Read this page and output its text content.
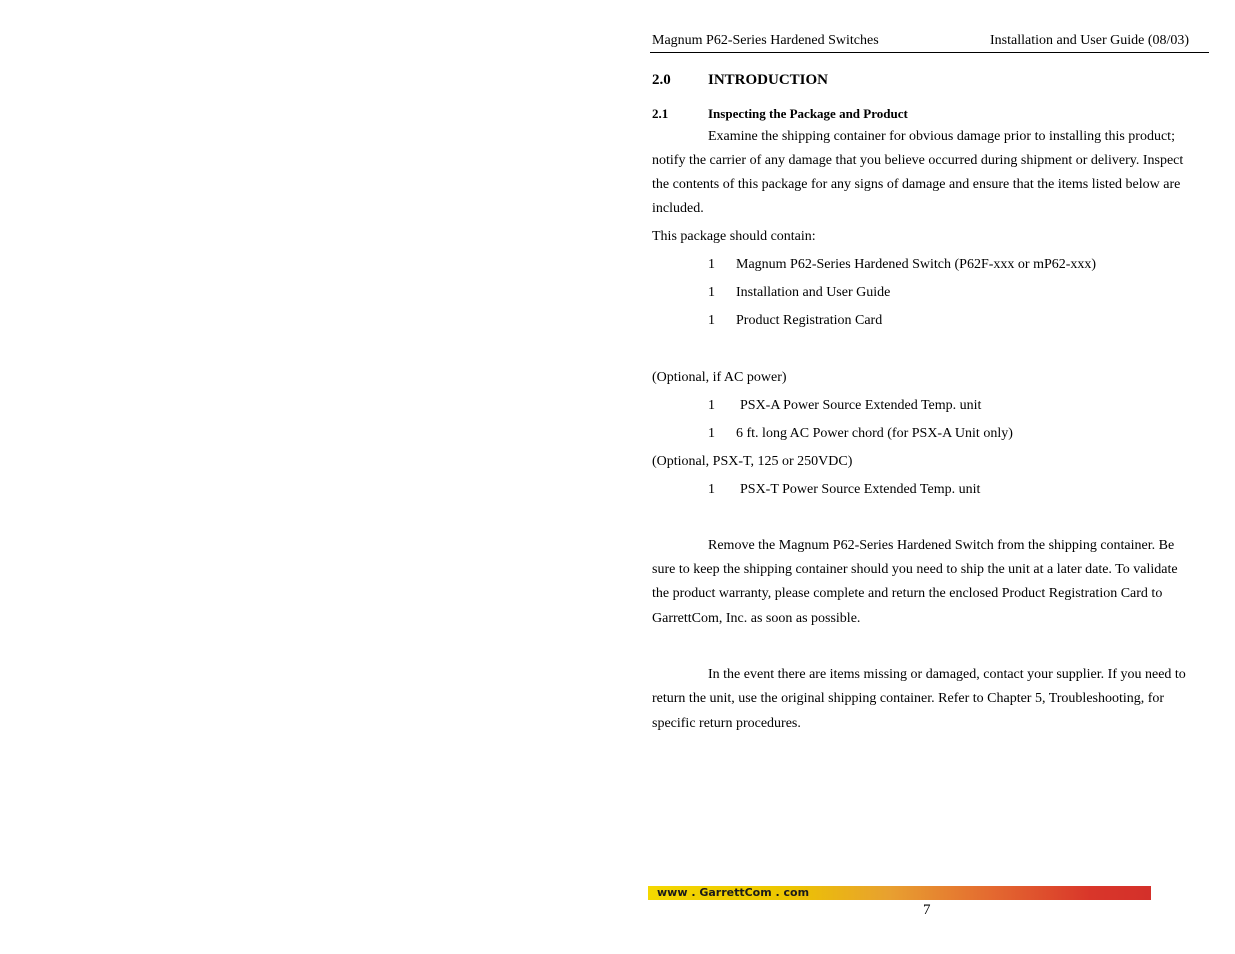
Magnum P62-Series Hardened Switches	Installation and User Guide (08/03)
2.0 INTRODUCTION
2.1	Inspecting the Package and Product
Examine the shipping container for obvious damage prior to installing this product;
notify the carrier of any damage that you believe occurred during shipment or delivery. Inspect
the contents of this package for any signs of damage and ensure that the items listed below are
included.
This package should contain:
1 Magnum P62-Series Hardened Switch (P62F-xxx or mP62-xxx)
1 Installation and User Guide
1 Product Registration Card
(Optional, if AC power)
1 PSX-A Power Source Extended Temp. unit
1 6 ft. long AC Power chord (for PSX-A Unit only)
(Optional, PSX-T, 125 or 250VDC)
1 PSX-T Power Source Extended Temp. unit
Remove the Magnum P62-Series Hardened Switch from the shipping container. Be
sure to keep the shipping container should you need to ship the unit at a later date. To validate
the product warranty, please complete and return the enclosed Product Registration Card to
GarrettCom, Inc. as soon as possible.
In the event there are items missing or damaged, contact your supplier. If you need to
return the unit, use the original shipping container. Refer to Chapter 5, Troubleshooting, for
specific return procedures.
www . GarrettCom . com
7
